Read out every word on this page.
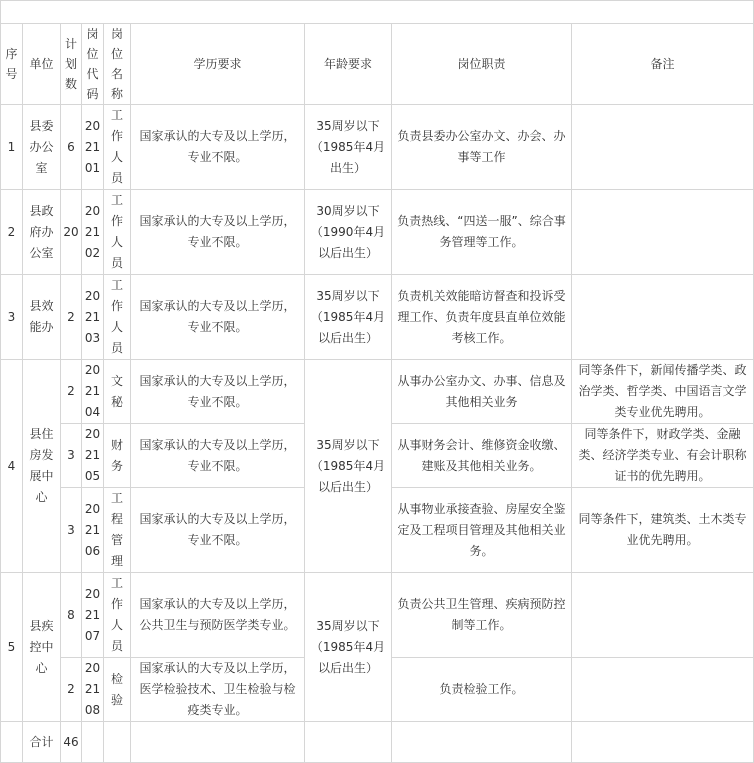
序号	单位	计划数	岗位代码	岗位名称	学历要求	年龄要求	岗位职责	备注
1	县委办公室	6	202101	工作人员	国家承认的大专及以上学历，专业不限。	35周岁以下（1985年4月出生）	负责县委办公室办文、办会、办事等工作	
2	县政府办公室	20	202102	工作人员	国家承认的大专及以上学历，专业不限。	30周岁以下（1990年4月以后出生）	负责热线、“四送一服”、综合事务管理等工作。	
3	县效能办	2	202103	工作人员	国家承认的大专及以上学历，专业不限。	35周岁以下（1985年4月以后出生）	负责机关效能暗访督查和投诉受理工作、负责年度县直单位效能考核工作。	
4	县住房发展中心	2	202104	文秘	国家承认的大专及以上学历，专业不限。	35周岁以下（1985年4月以后出生）	从事办公室办文、办事、信息及其他相关业务	同等条件下，新闻传播学类、政治学类、哲学类、中国语言文学类专业优先聘用。
		3	202105	财务	国家承认的大专及以上学历，专业不限。		从事财务会计、维修资金收缴、建账及其他相关业务。	同等条件下，财政学类、金融类、经济学类专业、有会计职称证书的优先聘用。
		3	202106	工程管理	国家承认的大专及以上学历，专业不限。		从事物业承接查验、房屋安全鉴定及工程项目管理及其他相关业务。	同等条件下，建筑类、土木类专业优先聘用。
5	县疾控中心	8	202107	工作人员	国家承认的大专及以上学历，公共卫生与预防医学类专业。	35周岁以下（1985年4月以后出生）	负责公共卫生管理、疾病预防控制等工作。	
		2	202108	检验	国家承认的大专及以上学历，医学检验技术、卫生检验与检疫类专业。		负责检验工作。	
	合计	46						
